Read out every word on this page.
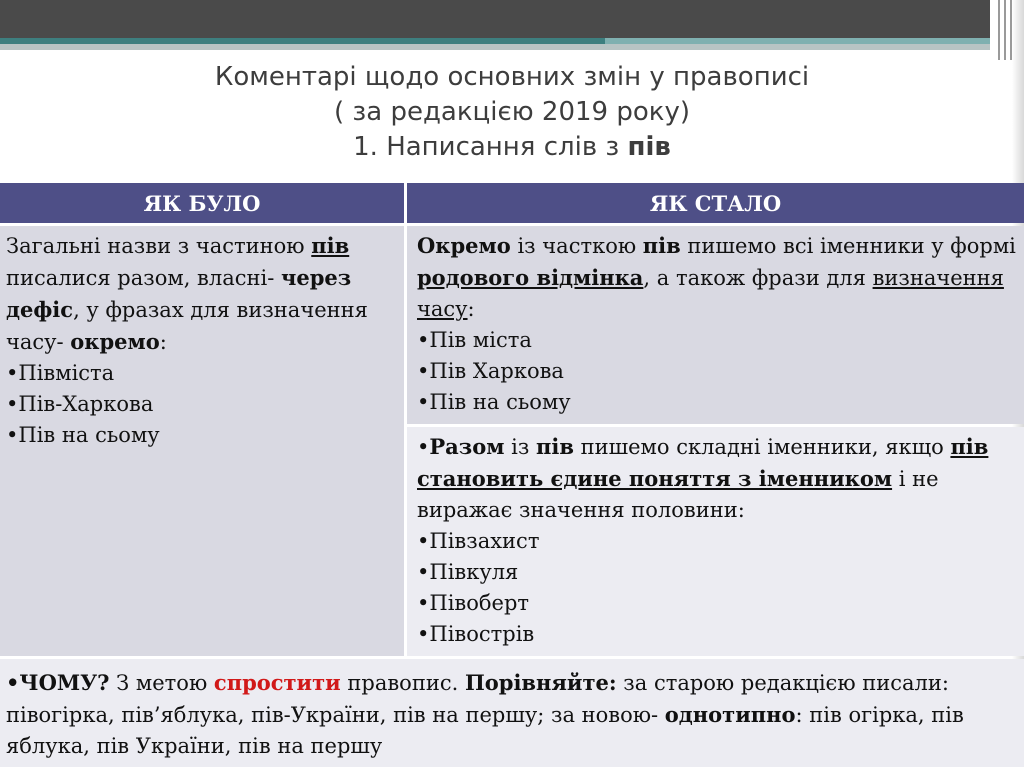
Коментарі щодо основних змін у правописі
( за редакцією 2019 року)
1. Написання слів з пів
ЯК БУЛО	ЯК СТАЛО
Загальні назви з частиною пів писалися разом, власні- через дефіс, у фразах для визначення часу- окремо:
•Півміста
•Пів-Харкова
•Пів на сьому
Окремо із часткою пів пишемо всі іменники у формі родового відмінка, а також фрази для визначення часу:
•Пів міста
•Пів Харкова
•Пів на сьому
•Разом із пів пишемо складні іменники, якщо пів становить єдине поняття з іменником і не виражає значення половини:
•Півзахист
•Півкуля
•Півоберт
•Півострів
•ЧОМУ? З метою спростити правопис. Порівняйте: за старою редакцією писали: півогірка, пів’яблука, пів-України, пів на першу; за новою- однотипно: пів огірка, пів яблука, пів України, пів на першу
